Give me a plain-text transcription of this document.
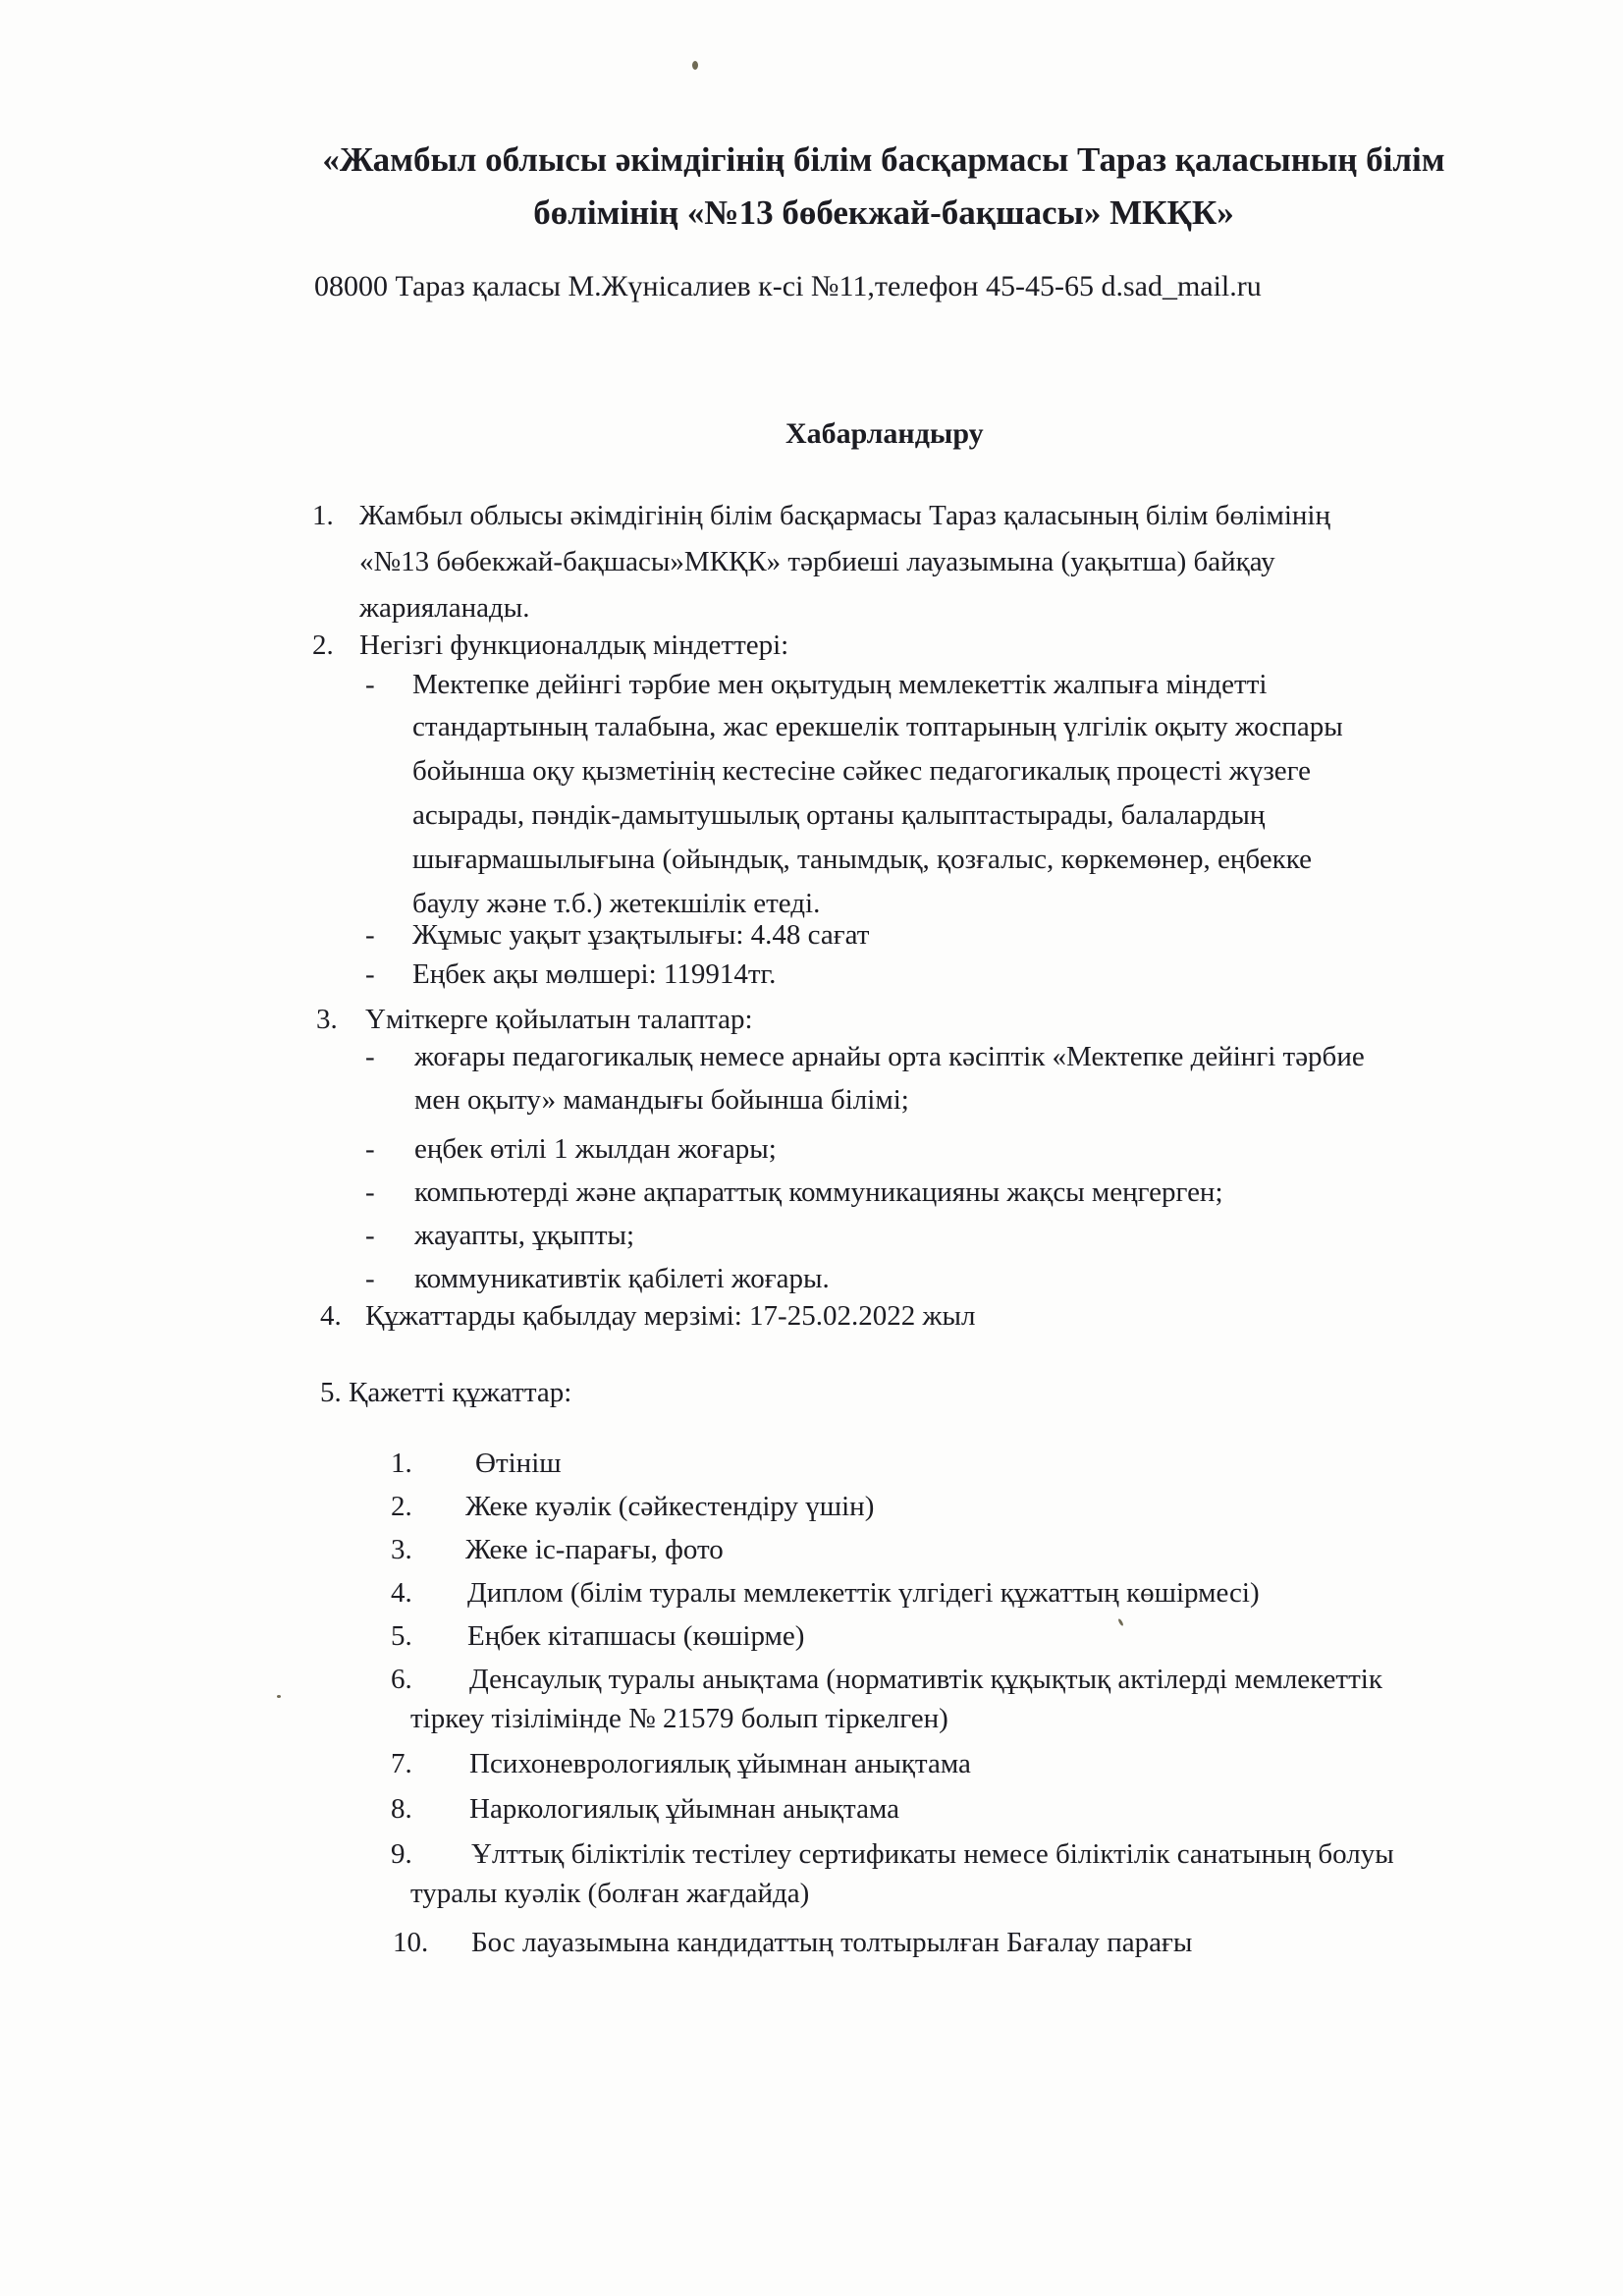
«Жамбыл облысы әкімдігінің білім басқармасы Тараз қаласының білім
бөлімінің «№13 бөбекжай-бақшасы» МКҚК»
08000 Тараз қаласы М.Жүнісалиев к-сі №11,телефон 45-45-65 d.sad_mail.ru
Хабарландыру
1. Жамбыл облысы әкімдігінің білім басқармасы Тараз қаласының білім бөлімінің
«№13 бөбекжай-бақшасы»МКҚК» тәрбиеші лауазымына (уақытша) байқау
жарияланады.
2. Негізгі функционалдық міндеттері:
- Мектепке дейінгі тәрбие мен оқытудың мемлекеттік жалпыға міндетті
стандартының талабына, жас ерекшелік топтарының үлгілік оқыту жоспары
бойынша оқу қызметінің кестесіне сәйкес педагогикалық процесті жүзеге
асырады, пәндік-дамытушылық ортаны қалыптастырады, балалардың
шығармашылығына (ойындық, танымдық, қозғалыс, көркемөнер, еңбекке
баулу және т.б.) жетекшілік етеді.
- Жұмыс уақыт ұзақтылығы: 4.48 сағат
- Еңбек ақы мөлшері: 119914тг.
3. Үміткерге қойылатын талаптар:
- жоғары педагогикалық немесе арнайы орта кәсіптік «Мектепке дейінгі тәрбие
мен оқыту» мамандығы бойынша білімі;
- еңбек өтілі 1 жылдан жоғары;
- компьютерді және ақпараттық коммуникацияны жақсы меңгерген;
- жауапты, ұқыпты;
- коммуникативтік қабілеті жоғары.
4. Құжаттарды қабылдау мерзімі: 17-25.02.2022 жыл
5. Қажетті құжаттар:
1. Өтініш
2. Жеке куәлік (сәйкестендіру үшін)
3. Жеке іс-парағы, фото
4. Диплом (білім туралы мемлекеттік үлгідегі құжаттың көшірмесі)
5. Еңбек кітапшасы (көшірме)
6. Денсаулық туралы анықтама (нормативтік құқықтық актілерді мемлекеттік
тіркеу тізілімінде № 21579 болып тіркелген)
7. Психоневрологиялық ұйымнан анықтама
8. Наркологиялық ұйымнан анықтама
9. Ұлттық біліктілік тестілеу сертификаты немесе біліктілік санатының болуы
туралы куәлік (болған жағдайда)
10. Бос лауазымына кандидаттың толтырылған Бағалау парағы
